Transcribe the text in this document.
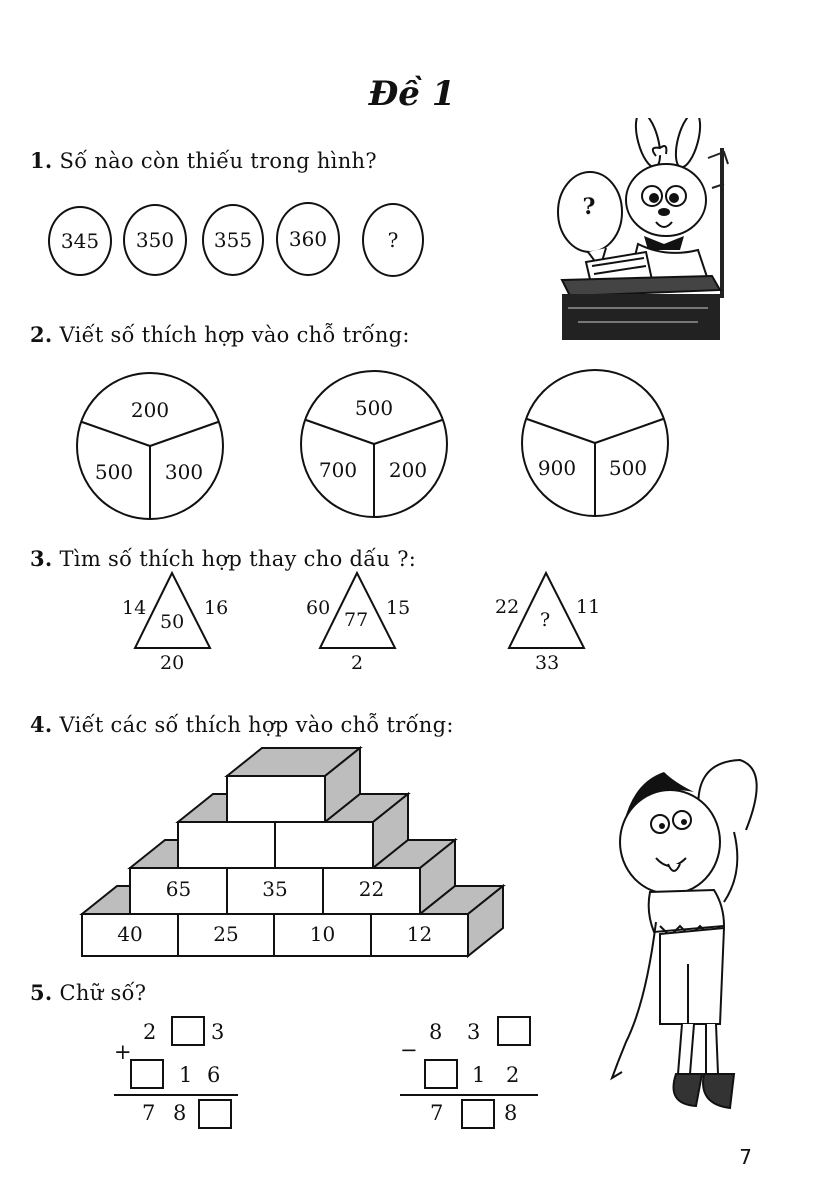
Đề 1
1. Số nào còn thiếu trong hình?
345	350	355	360	?
?
2. Viết số thích hợp vào chỗ trống:
200
500	300
500
700	200	900	500
3. Tìm số thích hợp thay cho dấu ?:
14	16
50
20
60	15
77
2
22	11
?
33
4. Viết các số thích hợp vào chỗ trống:
65	35	22
40	25	10	12
5. Chữ số?
2	3
+
1 6
7 8
8 3
−
1 2
7	8
7
